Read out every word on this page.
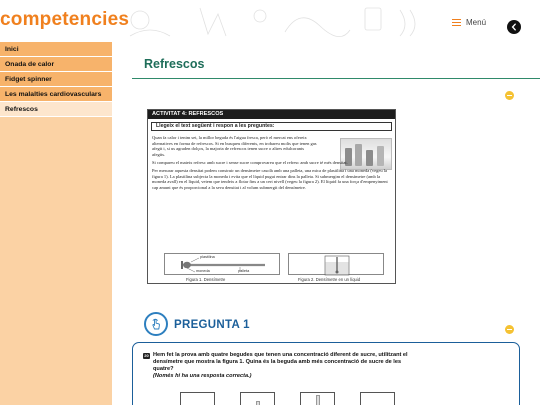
competencies	Menú
Inici
Onada de calor
Fidget spinner
Les malalties cardiovasculars
Refrescos
Refrescos
ACTIVITAT 4: REFRESCOS
Llegeix el text següent i respon a les preguntes:

Quan fa calor i tenim set, la millor beguda és l'aigua fresca, però el mercat ens ofereix alternatives en forma de refrescos. Si en busqueu diferents, en trobareu molts que tenen gas afegit i, si us agraden dolços, la majoria de refrescos tenen sucre o altres edulcorants afegits.

Si compareu el mateix refresc amb sucre i sense sucre comprovareu que el refresc amb sucre té més densitat.

Per mesurar aquesta densitat podem construir un densímetre casolà amb una palleta, una mica de plastilina i una moneda (vegeu la figura 1). La plastilina subjecta la moneda i evita que el líquid pugui entrar dins la palleta. Si submergim el densímetre (amb la moneda avall) en el líquid, veiem que tendeix a flotar fins a un cert nivell (vegeu la figura 2). El líquid fa una força d'empenyiment cap amunt que és proporcional a la seva densitat i al volum submergit del densímetre.

plastilina
moneda	palleta
Figura 1. Densímetre	Figura 2. Densímetre en un líquid
PREGUNTA 1
20 Hem fet la prova amb quatre begudes que tenen una concentració diferent de sucre, utilitzant el densímetre que mostra la figura 1. Quina és la beguda amb més concentració de sucre de les quatre?
(Només hi ha una resposta correcta.)
